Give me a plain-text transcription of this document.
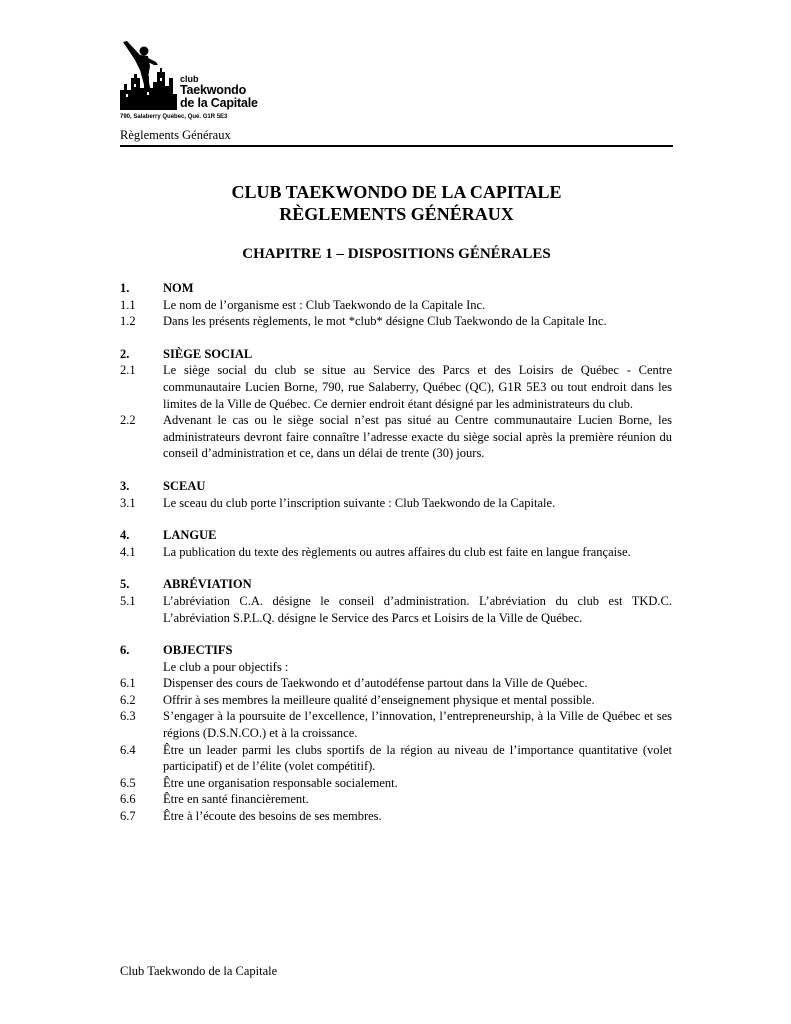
club
Taekwondo
de la Capitale
790, Salaberry Québec, Qué. G1R 5E3
Règlements Généraux
CLUB TAEKWONDO DE LA CAPITALE
RÈGLEMENTS GÉNÉRAUX
CHAPITRE 1 – DISPOSITIONS GÉNÉRALES
1.	NOM
1.1	Le nom de l’organisme est : Club Taekwondo de la Capitale Inc.
1.2	Dans les présents règlements, le mot *club* désigne Club Taekwondo de la Capitale Inc.
2.	SIÈGE SOCIAL
2.1	Le siège social du club se situe au Service des Parcs et des Loisirs de Québec - Centre communautaire Lucien Borne, 790, rue Salaberry, Québec (QC), G1R 5E3 ou tout endroit dans les limites de la Ville de Québec. Ce dernier endroit étant désigné par les administrateurs du club.
2.2	Advenant le cas ou le siège social n’est pas situé au Centre communautaire Lucien Borne, les administrateurs devront faire connaître l’adresse exacte du siège social après la première réunion du conseil d’administration et ce, dans un délai de trente (30) jours.
3.	SCEAU
3.1	Le sceau du club porte l’inscription suivante : Club Taekwondo de la Capitale.
4.	LANGUE
4.1	La publication du texte des règlements ou autres affaires du club est faite en langue française.
5.	ABRÉVIATION
5.1	L’abréviation C.A. désigne le conseil d’administration. L’abréviation du club est TKD.C. L’abréviation S.P.L.Q. désigne le Service des Parcs et Loisirs de la Ville de Québec.
6.	OBJECTIFS
Le club a pour objectifs :
6.1	Dispenser des cours de Taekwondo et d’autodéfense partout dans la Ville de Québec.
6.2	Offrir à ses membres la meilleure qualité d’enseignement physique et mental possible.
6.3	S’engager à la poursuite de l’excellence, l’innovation, l’entrepreneurship, à la Ville de Québec et ses régions (D.S.N.CO.) et à la croissance.
6.4	Être un leader parmi les clubs sportifs de la région au niveau de l’importance quantitative (volet participatif) et de l’élite (volet compétitif).
6.5	Être une organisation responsable socialement.
6.6	Être en santé financièrement.
6.7	Être à l’écoute des besoins de ses membres.
Club Taekwondo de la Capitale
